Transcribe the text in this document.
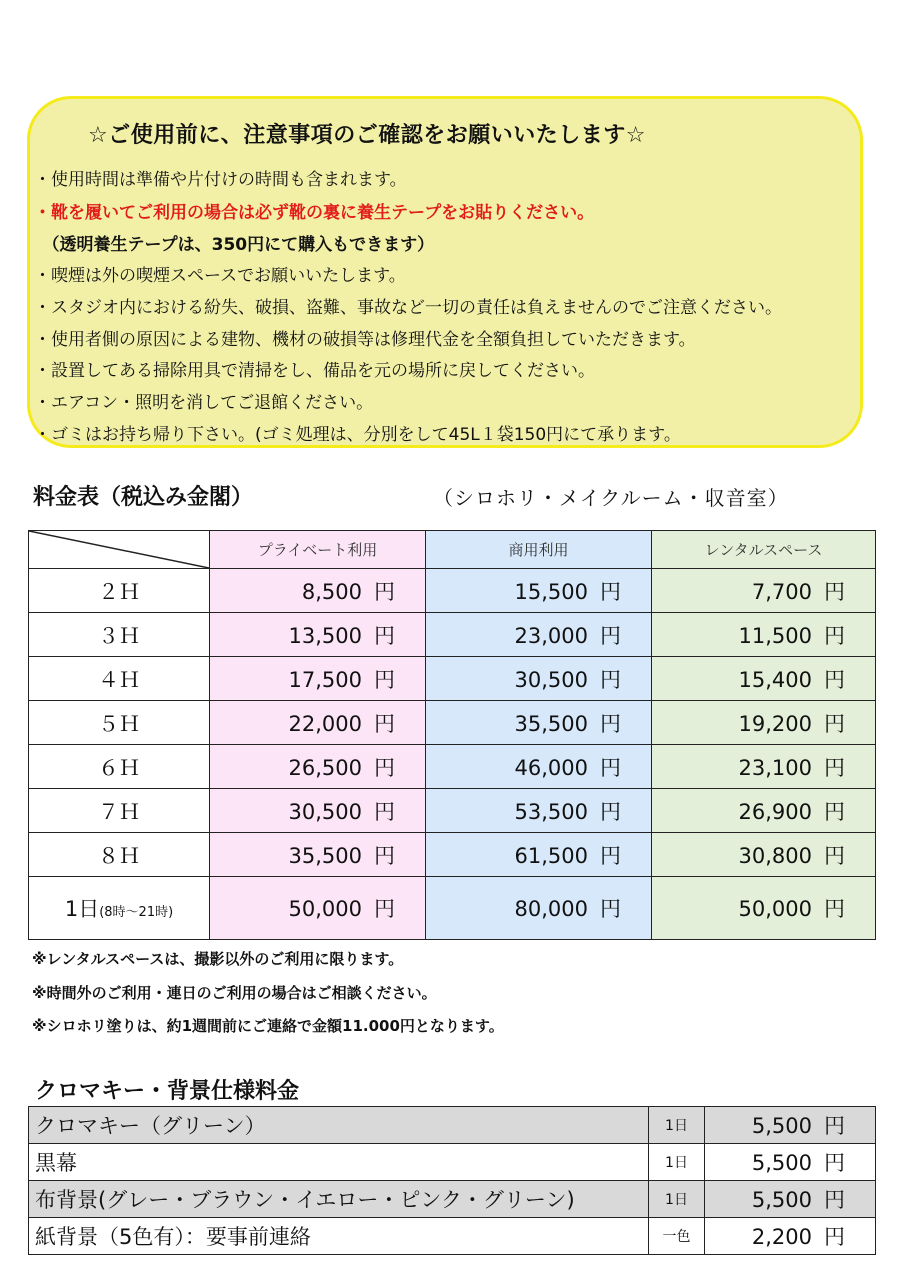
☆ご使用前に、注意事項のご確認をお願いいたします☆
・使用時間は準備や片付けの時間も含まれます。
・靴を履いてご利用の場合は必ず靴の裏に養生テープをお貼りください。
　（透明養生テープは、350円にて購入もできます）
・喫煙は外の喫煙スペースでお願いいたします。
・スタジオ内における紛失、破損、盗難、事故など一切の責任は負えませんのでご注意ください。
・使用者側の原因による建物、機材の破損等は修理代金を全額負担していただきます。
・設置してある掃除用具で清掃をし、備品を元の場所に戻してください。
・エアコン・照明を消してご退館ください。
・ゴミはお持ち帰り下さい。(ゴミ処理は、分別をして45L１袋150円にて承ります。
料金表（税込み金閣）	（シロホリ・メイクルーム・収音室）
	プライベート利用	商用利用	レンタルスペース
２Ｈ	8,500 円	15,500 円	7,700 円
３Ｈ	13,500 円	23,000 円	11,500 円
４Ｈ	17,500 円	30,500 円	15,400 円
５Ｈ	22,000 円	35,500 円	19,200 円
６Ｈ	26,500 円	46,000 円	23,100 円
７Ｈ	30,500 円	53,500 円	26,900 円
８Ｈ	35,500 円	61,500 円	30,800 円
1日(8時〜21時)	50,000 円	80,000 円	50,000 円
※レンタルスペースは、撮影以外のご利用に限ります。
※時間外のご利用・連日のご利用の場合はご相談ください。
※シロホリ塗りは、約1週間前にご連絡で金額11.000円となります。
クロマキー・背景仕様料金
クロマキー（グリーン）	1日	5,500 円
黒幕	1日	5,500 円
布背景(グレー・ブラウン・イエロー・ピンク・グリーン)	1日	5,500 円
紙背景（5色有）：要事前連絡	一色	2,200 円
